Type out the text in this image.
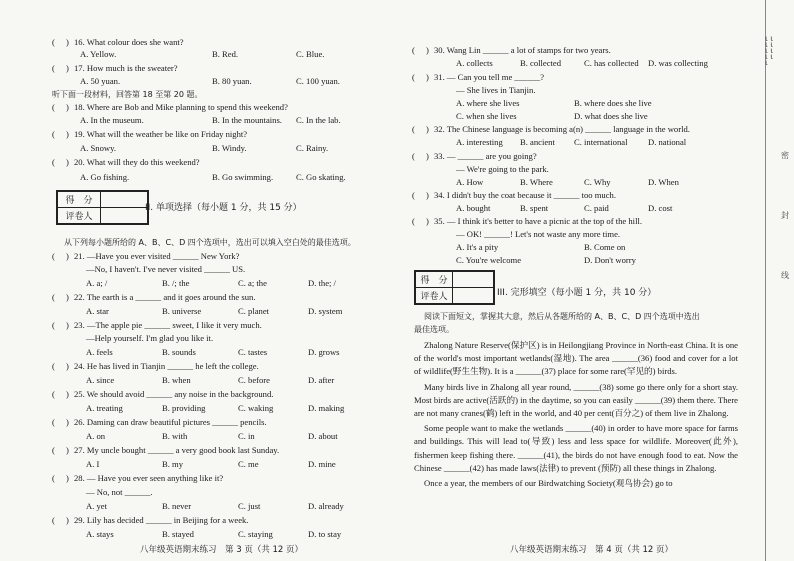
(　) 16. What colour does she want?
A. Yellow.	B. Red.	C. Blue.
(　) 17. How much is the sweater?
A. 50 yuan.	B. 80 yuan.	C. 100 yuan.
听下面一段材料，回答第 18 至第 20 题。
(　) 18. Where are Bob and Mike planning to spend this weekend?
A. In the museum.	B. In the mountains. C. In the lab.
(　) 19. What will the weather be like on Friday night?
A. Snowy.	B. Windy.	C. Rainy.
(　) 20. What will they do this weekend?
A. Go fishing.	B. Go swimming.	C. Go skating.
得　分	
评卷人	
II. 单项选择（每小题 1 分，共 15 分）
从下列每小题所给的 A、B、C、D 四个选项中，选出可以填入空白处的最佳选项。
(　) 21. —Have you ever visited ______ New York?
—No, I haven't. I've never visited ______ US.
A. a; /	B. /; the	C. a; the	D. the; /
(　) 22. The earth is a ______ and it goes around the sun.
A. star	B. universe	C. planet	D. system
(　) 23. —The apple pie ______ sweet, I like it very much.
—Help yourself. I'm glad you like it.
A. feels	B. sounds	C. tastes	D. grows
(　) 24. He has lived in Tianjin ______ he left the college.
A. since	B. when	C. before	D. after
(　) 25. We should avoid ______ any noise in the background.
A. treating	B. providing	C. waking	D. making
(　) 26. Daming can draw beautiful pictures ______ pencils.
A. on	B. with	C. in	D. about
(　) 27. My uncle bought ______ a very good book last Sunday.
A. I	B. my	C. me	D. mine
(　) 28. — Have you ever seen anything like it?
— No, not ______.
A. yet	B. never	C. just	D. already
(　) 29. Lily has decided ______ in Beijing for a week.
A. stays	B. stayed	C. staying	D. to stay
八年级英语期末练习　第 3 页（共 12 页）
(　) 30. Wang Lin ______ a lot of stamps for two years.
A. collects	B. collected	C. has collected D. was collecting
(　) 31. — Can you tell me ______?
— She lives in Tianjin.
A. where she lives	B. where does she live
C. when she lives	D. what does she live
(　) 32. The Chinese language is becoming a(n) ______ language in the world.
A. interesting B. ancient C. international D. national
(　) 33. — ______ are you going?
— We're going to the park.
A. How	B. Where	C. Why	D. When
(　) 34. I didn't buy the coat because it ______ too much.
A. bought	B. spent	C. paid	D. cost
(　) 35. — I think it's better to have a picnic at the top of the hill.
— OK! ______! Let's not waste any more time.
A. It's a pity	B. Come on
C. You're welcome	D. Don't worry
得　分	
评卷人		III. 完形填空（每小题 1 分，共 10 分）
阅读下面短文，掌握其大意，然后从各题所给的 A、B、C、D 四个选项中选出
最佳选项。
Zhalong Nature Reserve(保护区) is in Heilongjiang Province in North-east China. It is one of the world's most important wetlands(湿地). The area ______(36) food and cover for a lot of wildlife(野生生物). It is a ______(37) place for some rare(罕见的) birds.
Many birds live in Zhalong all year round, ______(38) some go there only for a short stay. Most birds are active(活跃的) in the daytime, so you can easily ______(39) them there. There are not many cranes(鹤) left in the world, and 40 per cent(百分之) of them live in Zhalong.
Some people want to make the wetlands ______(40) in order to have more space for farms and buildings. This will lead to(导致) less and less space for wildlife. Moreover(此外), fishermen keep fishing there. ______(41), the birds do not have enough food to eat. Now the Chinese ______(42) has made laws(法律) to prevent (预防) all these things in Zhalong.
Once a year, the members of our Birdwatching Society(观鸟协会) go to
八年级英语期末练习　第 4 页（共 12 页）
ι ι ι ι ι ι ι ι ι
密
封
线
